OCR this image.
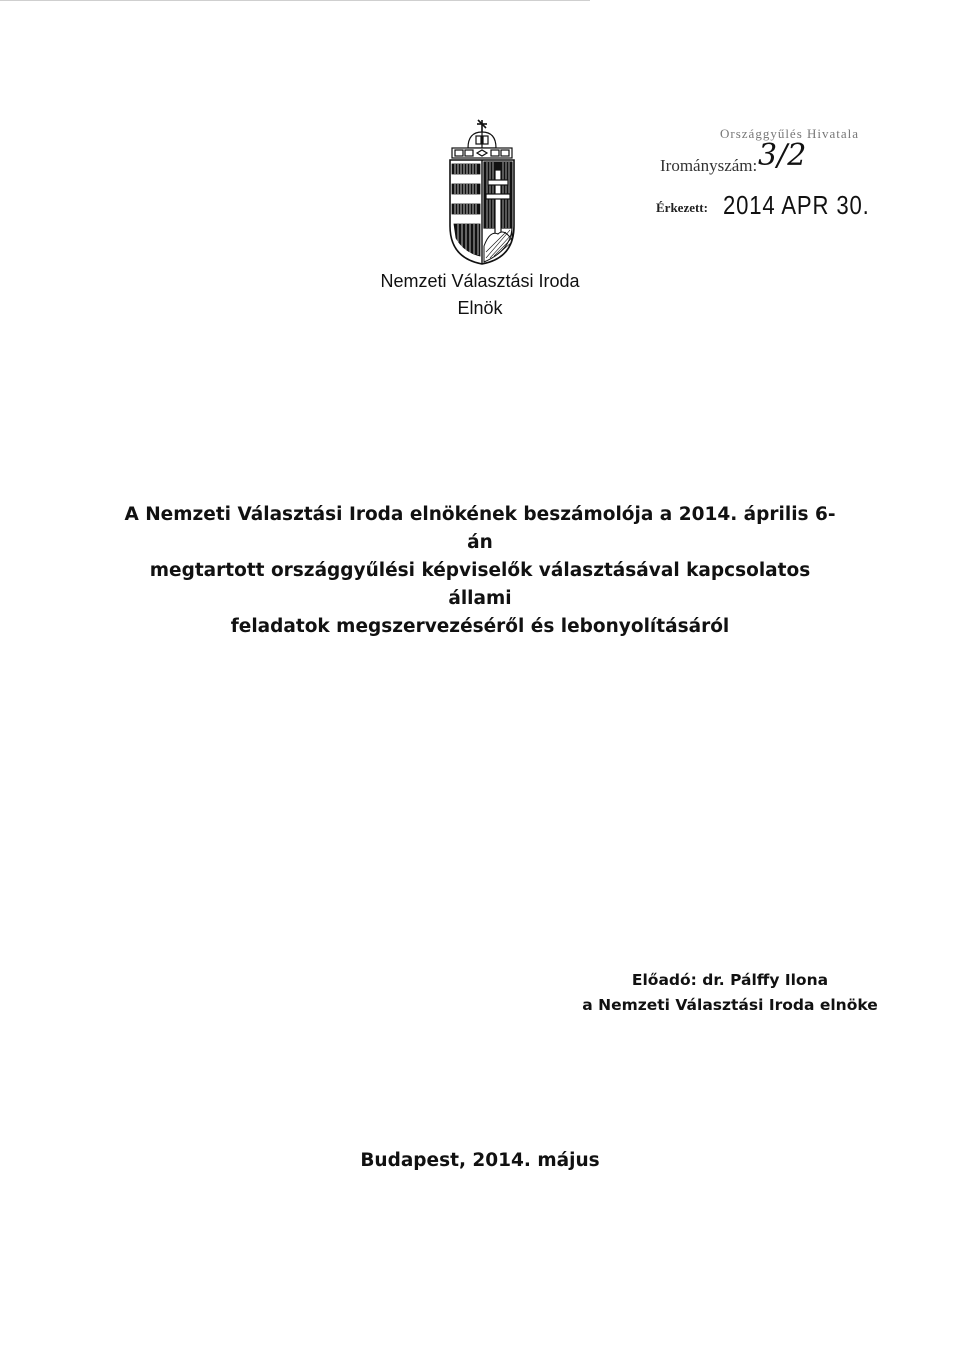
Országgyűlés Hivatala
Irományszám: 3/2
Érkezett: 2014 APR 30.
Nemzeti Választási Iroda
Elnök
A Nemzeti Választási Iroda elnökének beszámolója a 2014. április 6-án
megtartott országgyűlési képviselők választásával kapcsolatos állami
feladatok megszervezéséről és lebonyolításáról
Előadó: dr. Pálffy Ilona
a Nemzeti Választási Iroda elnöke
Budapest, 2014. május
